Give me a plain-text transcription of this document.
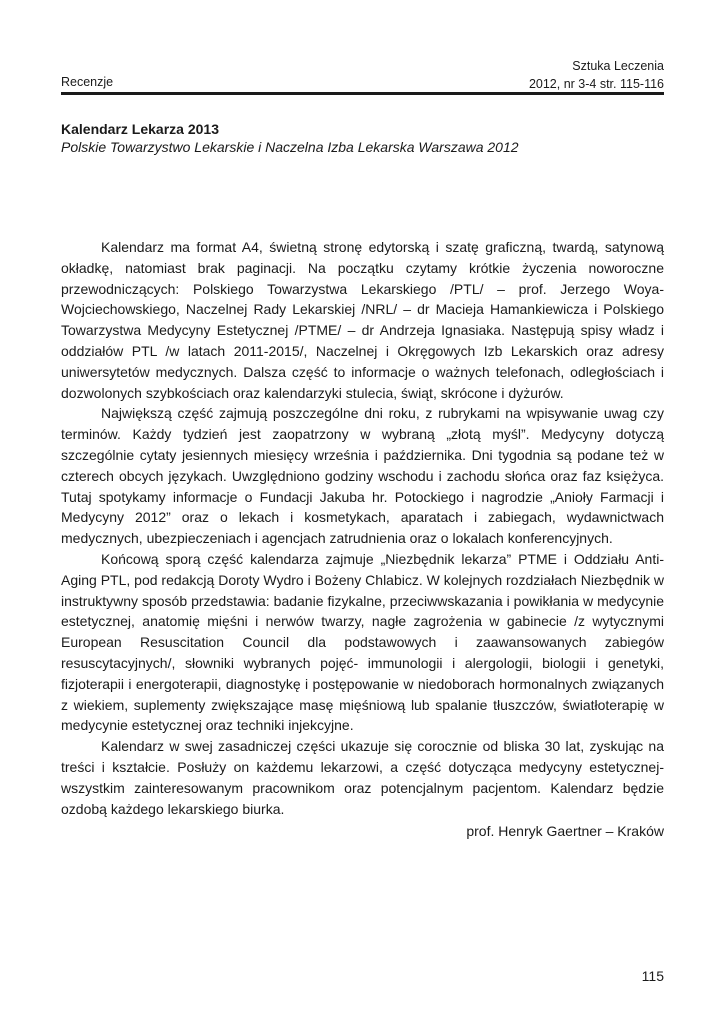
Recenzje
Sztuka Leczenia
2012, nr 3-4 str. 115-116
Kalendarz Lekarza 2013
Polskie Towarzystwo Lekarskie i Naczelna Izba Lekarska Warszawa 2012

Kalendarz ma format A4, świetną stronę edytorską i szatę graficzną, twardą, satynową okładkę, natomiast brak paginacji. Na początku czytamy krótkie życzenia noworoczne przewodniczących: Polskiego Towarzystwa Lekarskiego /PTL/ – prof. Jerzego Woya-Wojciechowskiego, Naczelnej Rady Lekarskiej /NRL/ – dr Macieja Hamankiewicza i Polskiego Towarzystwa Medycyny Estetycznej /PTME/ – dr Andrzeja Ignasiaka. Następują spisy władz i oddziałów PTL /w latach 2011-2015/, Naczelnej i Okręgowych Izb Lekarskich oraz adresy uniwersytetów medycznych. Dalsza część to informacje o ważnych telefonach, odległościach i dozwolonych szybkościach oraz kalendarzyki stulecia, świąt, skrócone i dyżurów.

Największą część zajmują poszczególne dni roku, z rubrykami na wpisywanie uwag czy terminów. Każdy tydzień jest zaopatrzony w wybraną „złotą myśl”. Medycyny dotyczą szczególnie cytaty jesiennych miesięcy września i października. Dni tygodnia są podane też w czterech obcych językach. Uwzględniono godziny wschodu i zachodu słońca oraz faz księżyca. Tutaj spotykamy informacje o Fundacji Jakuba hr. Potockiego i nagrodzie „Anioły Farmacji i Medycyny 2012” oraz o lekach i kosmetykach, aparatach i zabiegach, wydawnictwach medycznych, ubezpieczeniach i agencjach zatrudnienia oraz o lokalach konferencyjnych.

Końcową sporą część kalendarza zajmuje „Niezbędnik lekarza” PTME i Oddziału Anti-Aging PTL, pod redakcją Doroty Wydro i Bożeny Chlabicz. W kolejnych rozdziałach Niezbędnik w instruktywny sposób przedstawia: badanie fizykalne, przeciwwskazania i powikłania w medycynie estetycznej, anatomię mięśni i nerwów twarzy, nagłe zagrożenia w gabinecie /z wytycznymi European Resuscitation Council dla podstawowych i zaawansowanych zabiegów resuscytacyjnych/, słowniki wybranych pojęć- immunologii i alergologii, biologii i genetyki, fizjoterapii i energoterapii, diagnostykę i postępowanie w niedoborach hormonalnych związanych z wiekiem, suplementy zwiększające masę mięśniową lub spalanie tłuszczów, światłoterapię w medycynie estetycznej oraz techniki injekcyjne.

Kalendarz w swej zasadniczej części ukazuje się corocznie od bliska 30 lat, zyskując na treści i kształcie. Posłuży on każdemu lekarzowi, a część dotycząca medycyny estetycznej- wszystkim zainteresowanym pracownikom oraz potencjalnym pacjentom. Kalendarz będzie ozdobą każdego lekarskiego biurka.

prof. Henryk Gaertner – Kraków
115
